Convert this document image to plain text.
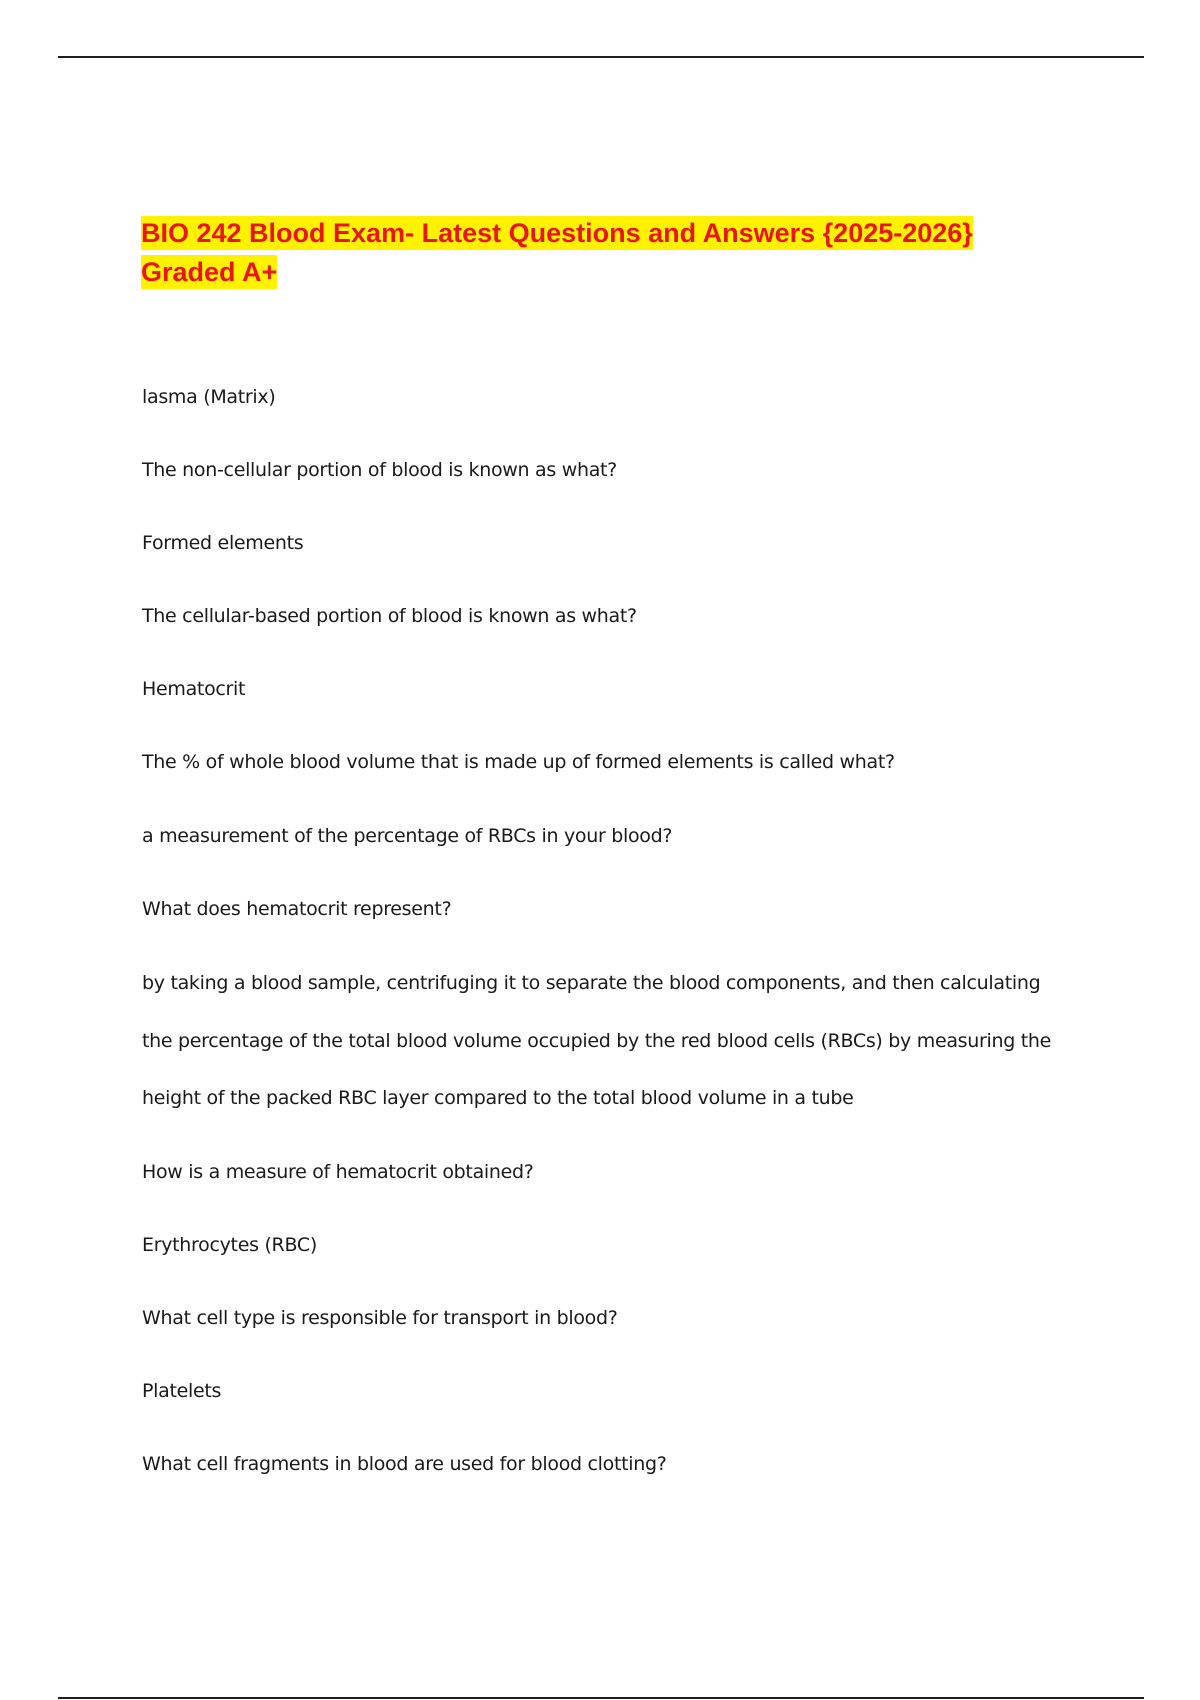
BIO 242 Blood Exam- Latest Questions and Answers {2025-2026} Graded A+

lasma (Matrix)

The non-cellular portion of blood is known as what?

Formed elements

The cellular-based portion of blood is known as what?

Hematocrit

The % of whole blood volume that is made up of formed elements is called what?

a measurement of the percentage of RBCs in your blood?

What does hematocrit represent?

by taking a blood sample, centrifuging it to separate the blood components, and then calculating the percentage of the total blood volume occupied by the red blood cells (RBCs) by measuring the height of the packed RBC layer compared to the total blood volume in a tube

How is a measure of hematocrit obtained?

Erythrocytes (RBC)

What cell type is responsible for transport in blood?

Platelets

What cell fragments in blood are used for blood clotting?
